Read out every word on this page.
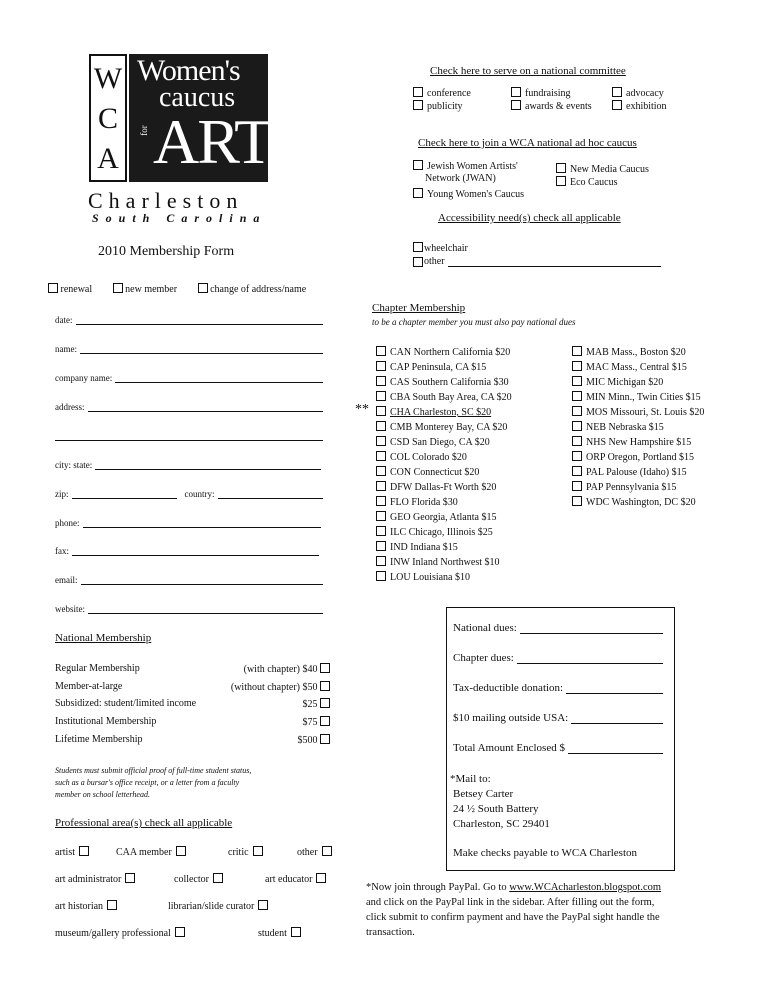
W
C
A
Women's
caucus
for ART
Charleston
South Carolina
2010 Membership Form
renewal	new member	change of address/name
date:
name:
company name:
address:
city: state:
zip:	country:
phone:
fax:
email:
website:
National Membership
Regular Membership	(with chapter) $40
Member-at-large	(without chapter) $50
Subsidized: student/limited income	$25
Institutional Membership	$75
Lifetime Membership	$500
Students must submit official proof of full-time student status,
such as a bursar's office receipt, or a letter from a faculty
member on school letterhead.
Professional area(s) check all applicable
artist	CAA member	critic	other
art administrator	collector	art educator
art historian	librarian/slide curator
museum/gallery professional	student
Check here to serve on a national committee
conference	fundraising	advocacy
publicity	awards & events	exhibition
Check here to join a WCA national ad hoc caucus
Jewish Women Artists'
Network (JWAN)
Young Women's Caucus
New Media Caucus
Eco Caucus
Accessibility need(s) check all applicable
wheelchair
other
Chapter Membership
to be a chapter member you must also pay national dues
**
CAN Northern California $20
CAP Peninsula, CA $15
CAS Southern California $30
CBA South Bay Area, CA $20
CHA Charleston, SC $20
CMB Monterey Bay, CA $20
CSD San Diego, CA $20
COL Colorado $20
CON Connecticut $20
DFW Dallas-Ft Worth $20
FLO Florida $30
GEO Georgia, Atlanta $15
ILC Chicago, Illinois $25
IND Indiana $15
INW Inland Northwest $10
LOU Louisiana $10
MAB Mass., Boston $20
MAC Mass., Central $15
MIC Michigan $20
MIN Minn., Twin Cities $15
MOS Missouri, St. Louis $20
NEB Nebraska $15
NHS New Hampshire $15
ORP Oregon, Portland $15
PAL Palouse (Idaho) $15
PAP Pennsylvania $15
WDC Washington, DC $20
National dues:
Chapter dues:
Tax-deductible donation:
$10 mailing outside USA:
Total Amount Enclosed $
*Mail to:
Betsey Carter
24 ½ South Battery
Charleston, SC 29401
Make checks payable to WCA Charleston
*Now join through PayPal. Go to www.WCAcharleston.blogspot.com
and click on the PayPal link in the sidebar. After filling out the form,
click submit to confirm payment and have the PayPal sight handle the
transaction.
